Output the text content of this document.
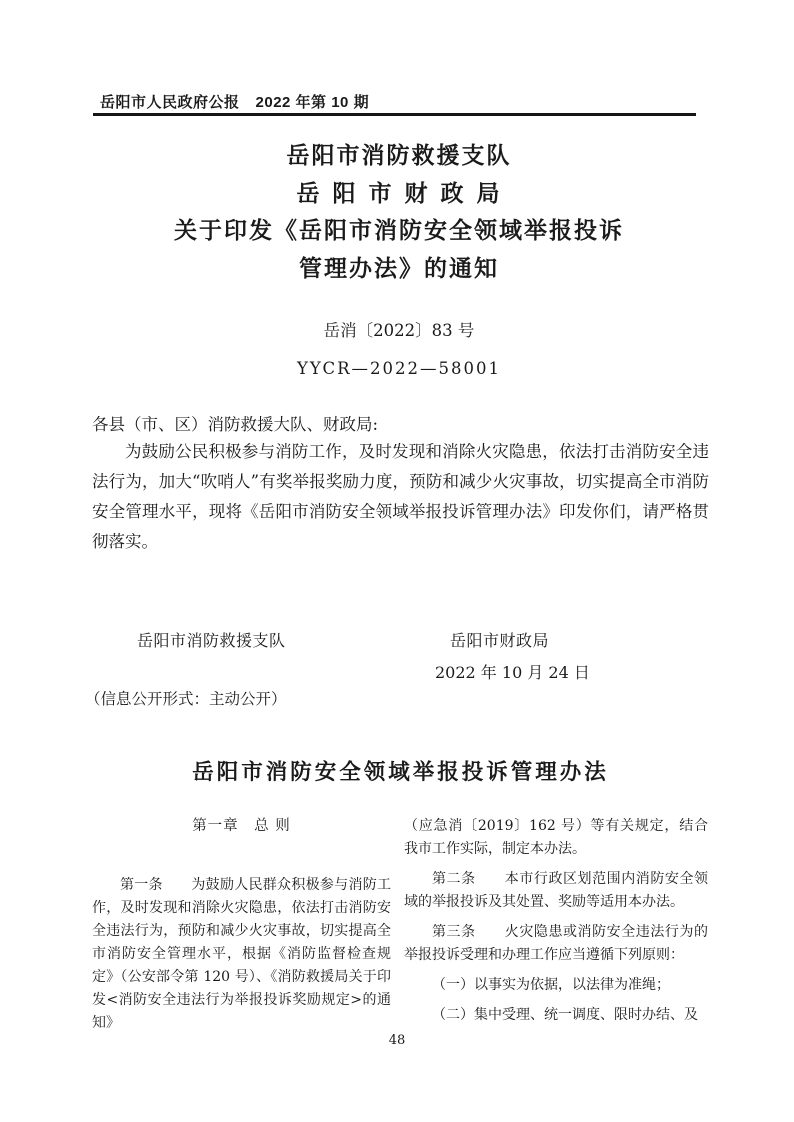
岳阳市人民政府公报 2022 年第 10 期
岳阳市消防救援支队
岳阳市财政局
关于印发《岳阳市消防安全领域举报投诉
管理办法》的通知
岳消〔2022〕83 号
YYCR—2022—58001
各县（市、区）消防救援大队、财政局:
为鼓励公民积极参与消防工作，及时发现和消除火灾隐患，依法打击消防安全违法行为，加大“吹哨人”有奖举报奖励力度，预防和减少火灾事故，切实提高全市消防安全管理水平，现将《岳阳市消防安全领域举报投诉管理办法》印发你们，请严格贯彻落实。
岳阳市消防救援支队	岳阳市财政局
2022 年 10 月 24 日
（信息公开形式：主动公开）
岳阳市消防安全领域举报投诉管理办法
第一章　总 则

第一条　　为鼓励人民群众积极参与消防工作，及时发现和消除火灾隐患，依法打击消防安全违法行为，预防和减少火灾事故，切实提高全市消防安全管理水平，根据《消防监督检查规定》（公安部令第 120 号）、《消防救援局关于印发<消防安全违法行为举报投诉奖励规定>的通知》

（应急消〔2019〕162 号）等有关规定，结合我市工作实际，制定本办法。

第二条　　本市行政区划范围内消防安全领域的举报投诉及其处置、奖励等适用本办法。

第三条　　火灾隐患或消防安全违法行为的举报投诉受理和办理工作应当遵循下列原则：

（一）以事实为依据，以法律为准绳；

（二）集中受理、统一调度、限时办结、及

48
